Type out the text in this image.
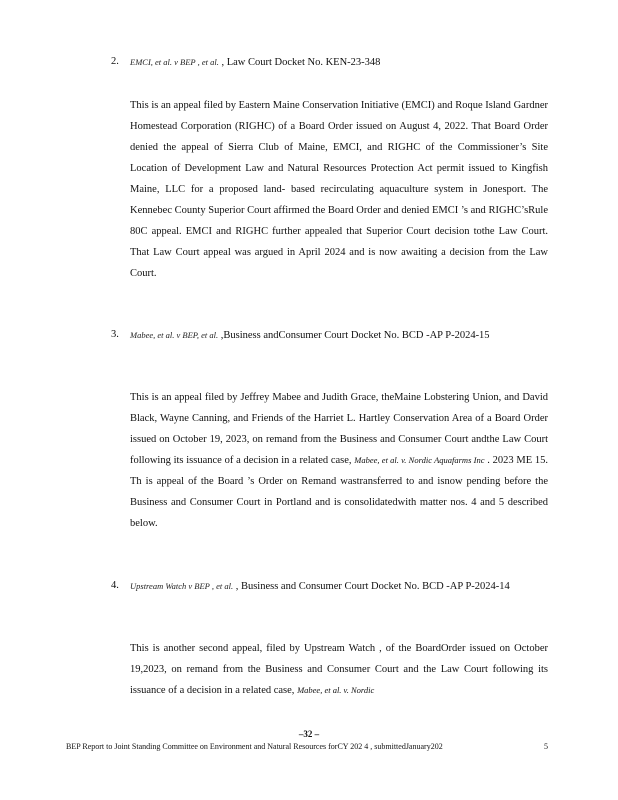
2. EMCI, et al. v BEP , et al. , Law Court Docket No. KEN-23-348
This is an appeal filed by Eastern Maine Conservation Initiative (EMCI) and Roque Island Gardner Homestead Corporation (RIGHC) of a Board Order issued on August 4, 2022. That Board Order denied the appeal of Sierra Club of Maine, EMCI, and RIGHC of the Commissioner’s Site Location of Development Law and Natural Resources Protection Act permit issued to Kingfish Maine, LLC for a proposed land- based recirculating aquaculture system in Jonesport. The Kennebec County Superior Court affirmed the Board Order and denied EMCI ’s and RIGHC’sRule 80C appeal. EMCI and RIGHC further appealed that Superior Court decision tothe Law Court. That Law Court appeal was argued in April 2024 and is now awaiting a decision from the Law Court.
3. Mabee, et al. v BEP, et al. ,Business andConsumer Court Docket No. BCD -AP P-2024-15
This is an appeal filed by Jeffrey Mabee and Judith Grace, theMaine Lobstering Union, and David Black, Wayne Canning, and Friends of the Harriet L. Hartley Conservation Area of a Board Order issued on October 19, 2023, on remand from the Business and Consumer Court andthe Law Court following its issuance of a decision in a related case, Mabee, et al. v. Nordic Aquafarms Inc . 2023 ME 15. Th is appeal of the Board ’s Order on Remand wastransferred to and isnow pending before the Business and Consumer Court in Portland and is consolidatedwith matter nos. 4 and 5 described below.
4. Upstream Watch v BEP , et al. , Business and Consumer Court Docket No. BCD -AP P-2024-14
This is another second appeal, filed by Upstream Watch , of the BoardOrder issued on October 19,2023, on remand from the Business and Consumer Court and the Law Court following its issuance of a decision in a related case, Mabee, et al. v. Nordic
–32 –
BEP Report to Joint Standing Committee on Environment and Natural Resources forCY 202 4 , submittedJanuary202	5
